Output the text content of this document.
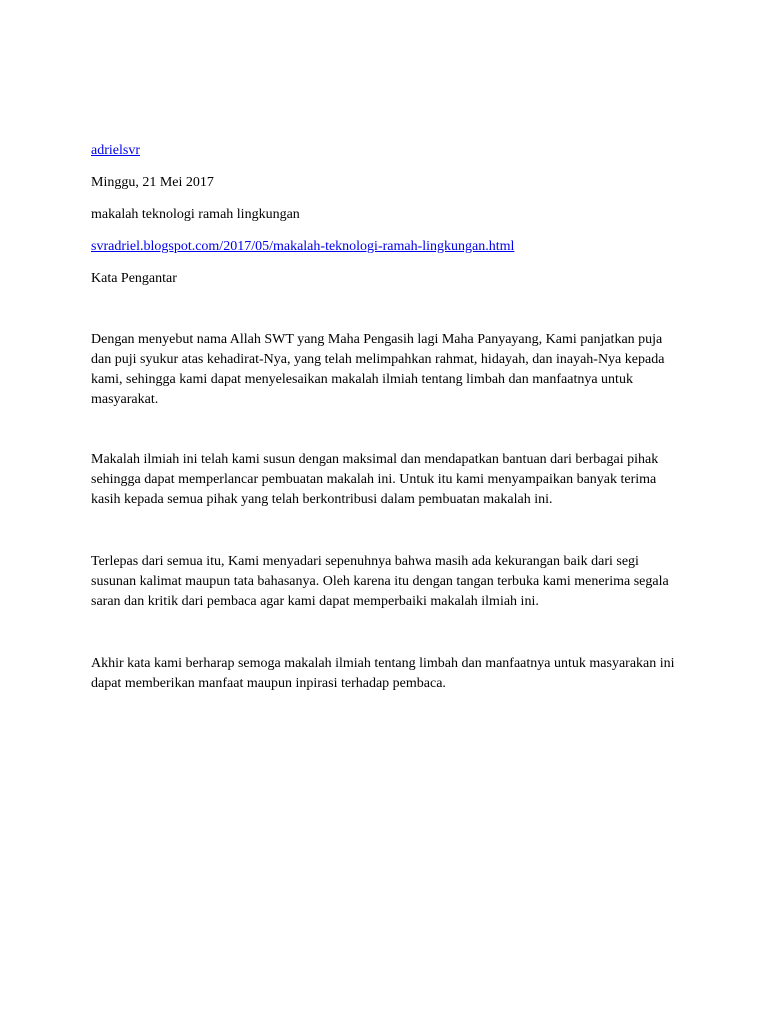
adrielsvr

Minggu, 21 Mei 2017

makalah teknologi ramah lingkungan

svradriel.blogspot.com/2017/05/makalah-teknologi-ramah-lingkungan.html

Kata Pengantar

Dengan menyebut nama Allah SWT yang Maha Pengasih lagi Maha Panyayang, Kami panjatkan puja
dan puji syukur atas kehadirat-Nya, yang telah melimpahkan rahmat, hidayah, dan inayah-Nya kepada
kami, sehingga kami dapat menyelesaikan makalah ilmiah tentang limbah dan manfaatnya untuk
masyarakat.
Makalah ilmiah ini telah kami susun dengan maksimal dan mendapatkan bantuan dari berbagai pihak
sehingga dapat memperlancar pembuatan makalah ini. Untuk itu kami menyampaikan banyak terima
kasih kepada semua pihak yang telah berkontribusi dalam pembuatan makalah ini.
Terlepas dari semua itu, Kami menyadari sepenuhnya bahwa masih ada kekurangan baik dari segi
susunan kalimat maupun tata bahasanya. Oleh karena itu dengan tangan terbuka kami menerima segala
saran dan kritik dari pembaca agar kami dapat memperbaiki makalah ilmiah ini.
Akhir kata kami berharap semoga makalah ilmiah tentang limbah dan manfaatnya untuk masyarakan ini
dapat memberikan manfaat maupun inpirasi terhadap pembaca.
